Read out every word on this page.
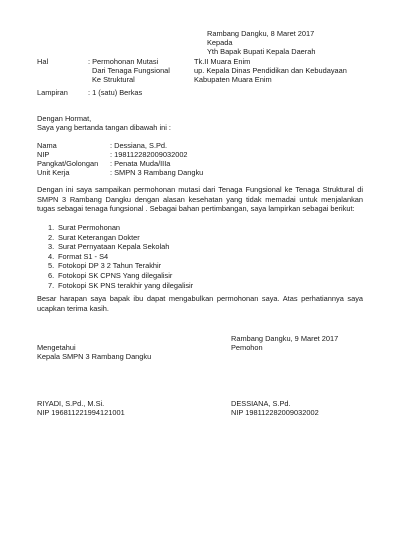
Rambang Dangku, 8 Maret 2017
Kepada
Yth Bapak Bupati Kepala Daerah
Hal	: Permohonan Mutasi
Dari Tenaga Fungsional
Ke Struktural
Tk.II Muara Enim
up. Kepala Dinas Pendidikan dan Kebudayaan
Kabupaten Muara Enim
Lampiran	: 1 (satu) Berkas
Dengan Hormat,
Saya yang bertanda tangan dibawah ini :
Nama	: Dessiana, S.Pd.
NIP	: 198112282009032002
Pangkat/Golongan : Penata Muda/IIIa
Unit Kerja	: SMPN 3 Rambang Dangku
Dengan ini saya sampaikan permohonan mutasi dari Tenaga Fungsional ke Tenaga Struktural di SMPN 3 Rambang Dangku dengan alasan kesehatan yang tidak memadai untuk menjalankan tugas sebagai tenaga fungsional . Sebagai bahan pertimbangan, saya lampirkan sebagai berikut:
1. Surat Permohonan
2. Surat Keterangan Dokter
3. Surat Pernyataan Kepala Sekolah
4. Format S1 - S4
5. Fotokopi DP 3 2 Tahun Terakhir
6. Fotokopi SK CPNS Yang dilegalisir
7. Fotokopi SK PNS terakhir yang dilegalisir
Besar harapan saya bapak ibu dapat mengabulkan permohonan saya. Atas perhatiannya saya ucapkan terima kasih.
Rambang Dangku, 9 Maret 2017
Pemohon
Mengetahui
Kepala SMPN 3 Rambang Dangku
RIYADI, S.Pd., M.Si.
NIP 196811221994121001
DESSIANA, S.Pd.
NIP 198112282009032002
